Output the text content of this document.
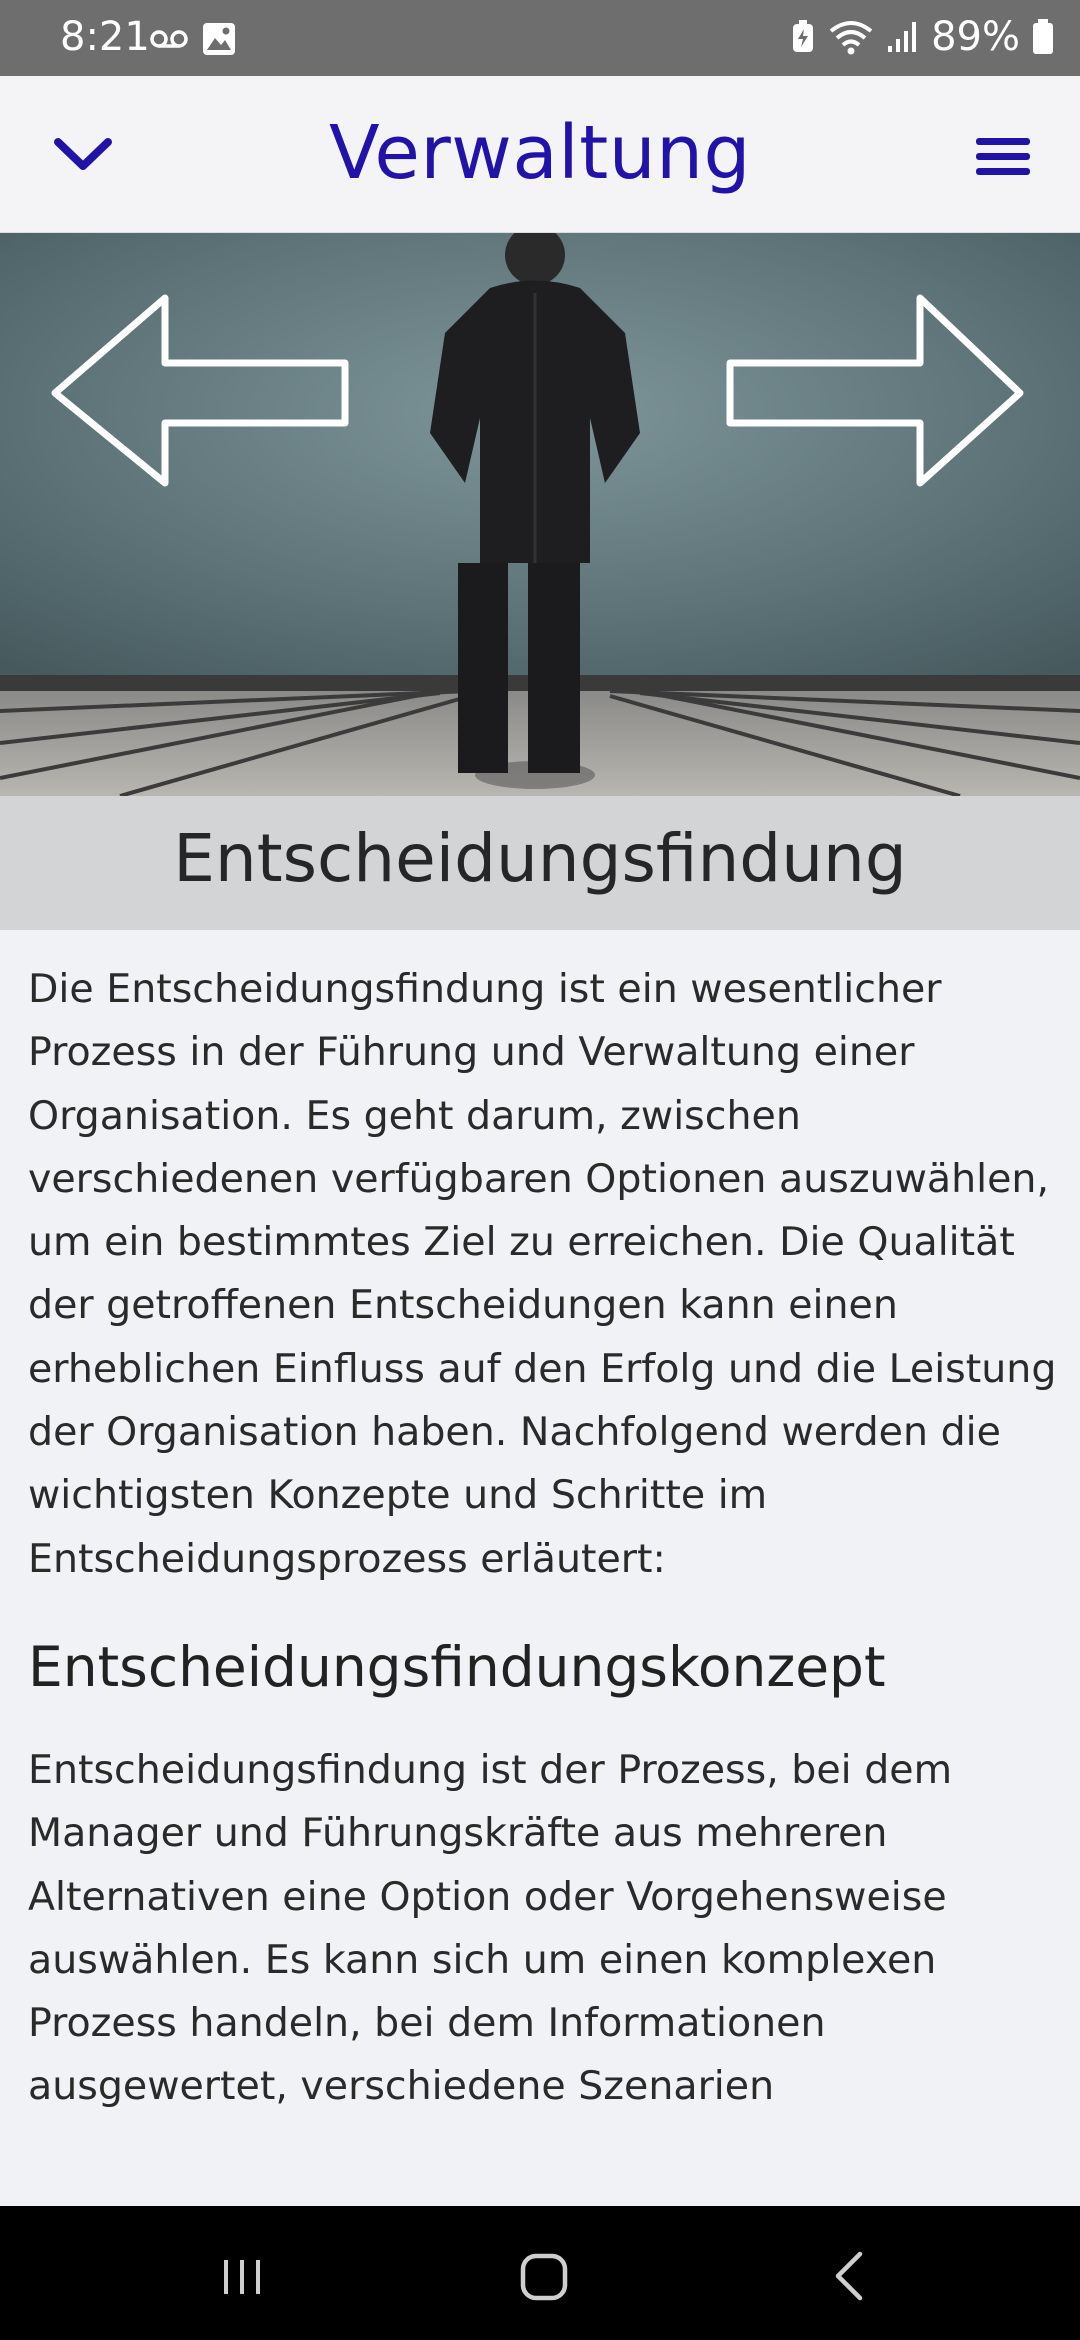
8:21	89%
Verwaltung
Entscheidungsfindung

Die Entscheidungsfindung ist ein wesentlicher Prozess in der Führung und Verwaltung einer Organisation. Es geht darum, zwischen verschiedenen verfügbaren Optionen auszuwählen, um ein bestimmtes Ziel zu erreichen. Die Qualität der getroffenen Entscheidungen kann einen erheblichen Einfluss auf den Erfolg und die Leistung der Organisation haben. Nachfolgend werden die wichtigsten Konzepte und Schritte im Entscheidungsprozess erläutert:

Entscheidungsfindungskonzept

Entscheidungsfindung ist der Prozess, bei dem Manager und Führungskräfte aus mehreren Alternativen eine Option oder Vorgehensweise auswählen. Es kann sich um einen komplexen Prozess handeln, bei dem Informationen ausgewertet, verschiedene Szenarien
